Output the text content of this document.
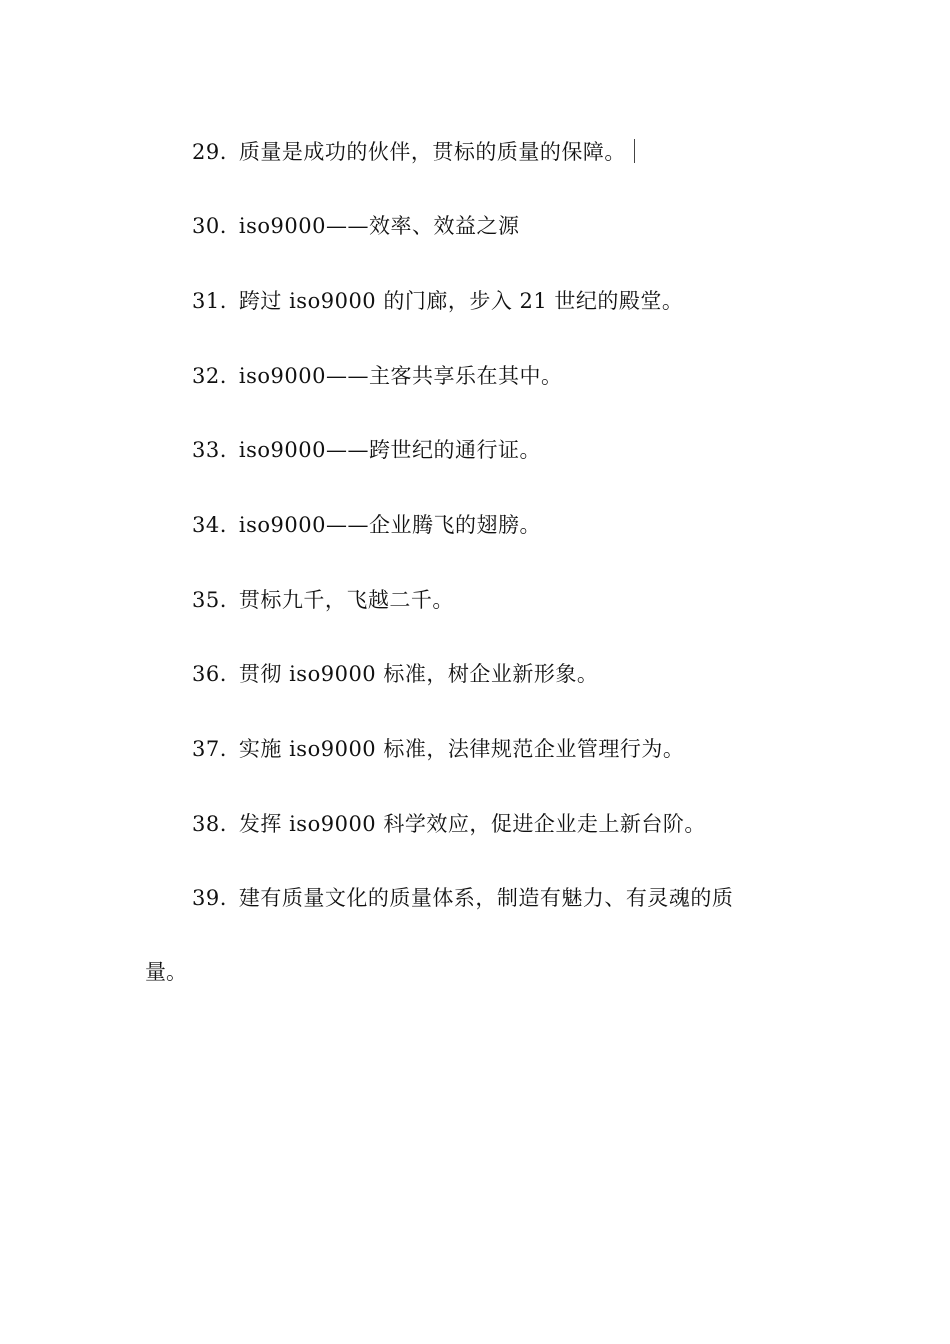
29. 质量是成功的伙伴，贯标的质量的保障。
30. iso9000——效率、效益之源
31. 跨过 iso9000 的门廊，步入 21 世纪的殿堂。
32. iso9000——主客共享乐在其中。
33. iso9000——跨世纪的通行证。
34. iso9000——企业腾飞的翅膀。
35. 贯标九千，飞越二千。
36. 贯彻 iso9000 标准，树企业新形象。
37. 实施 iso9000 标准，法律规范企业管理行为。
38. 发挥 iso9000 科学效应，促进企业走上新台阶。
39. 建有质量文化的质量体系，制造有魅力、有灵魂的质
量。
